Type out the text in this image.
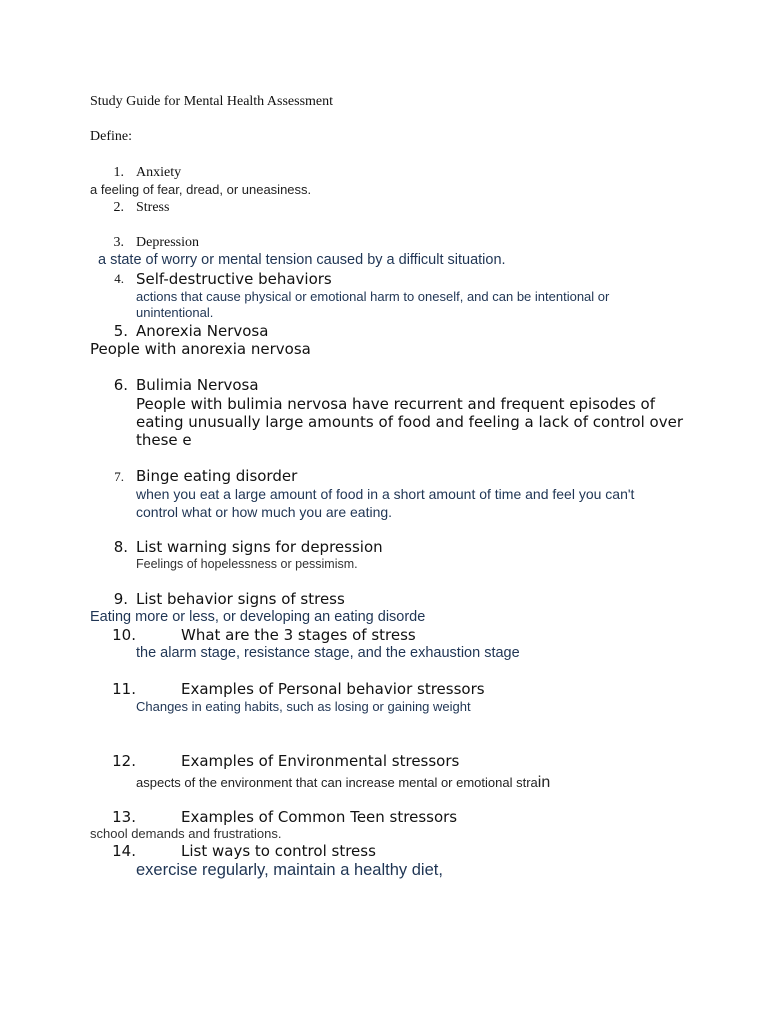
Study Guide for Mental Health Assessment
Define:
1. Anxiety
a feeling of fear, dread, or uneasiness.
2. Stress
3. Depression
a state of worry or mental tension caused by a difficult situation.
4. Self-destructive behaviors
actions that cause physical or emotional harm to oneself, and can be intentional or
unintentional.
5. Anorexia Nervosa
People with anorexia nervosa
6. Bulimia Nervosa
People with bulimia nervosa have recurrent and frequent episodes of
eating unusually large amounts of food and feeling a lack of control over
these e
7. Binge eating disorder
when you eat a large amount of food in a short amount of time and feel you can't
control what or how much you are eating.
8. List warning signs for depression
Feelings of hopelessness or pessimism.
9. List behavior signs of stress
Eating more or less, or developing an eating disorde
10.	What are the 3 stages of stress
the alarm stage, resistance stage, and the exhaustion stage
11.	Examples of Personal behavior stressors
Changes in eating habits, such as losing or gaining weight
12.	Examples of Environmental stressors
aspects of the environment that can increase mental or emotional strain
13.	Examples of Common Teen stressors
school demands and frustrations.
14.	List ways to control stress
exercise regularly, maintain a healthy diet,
